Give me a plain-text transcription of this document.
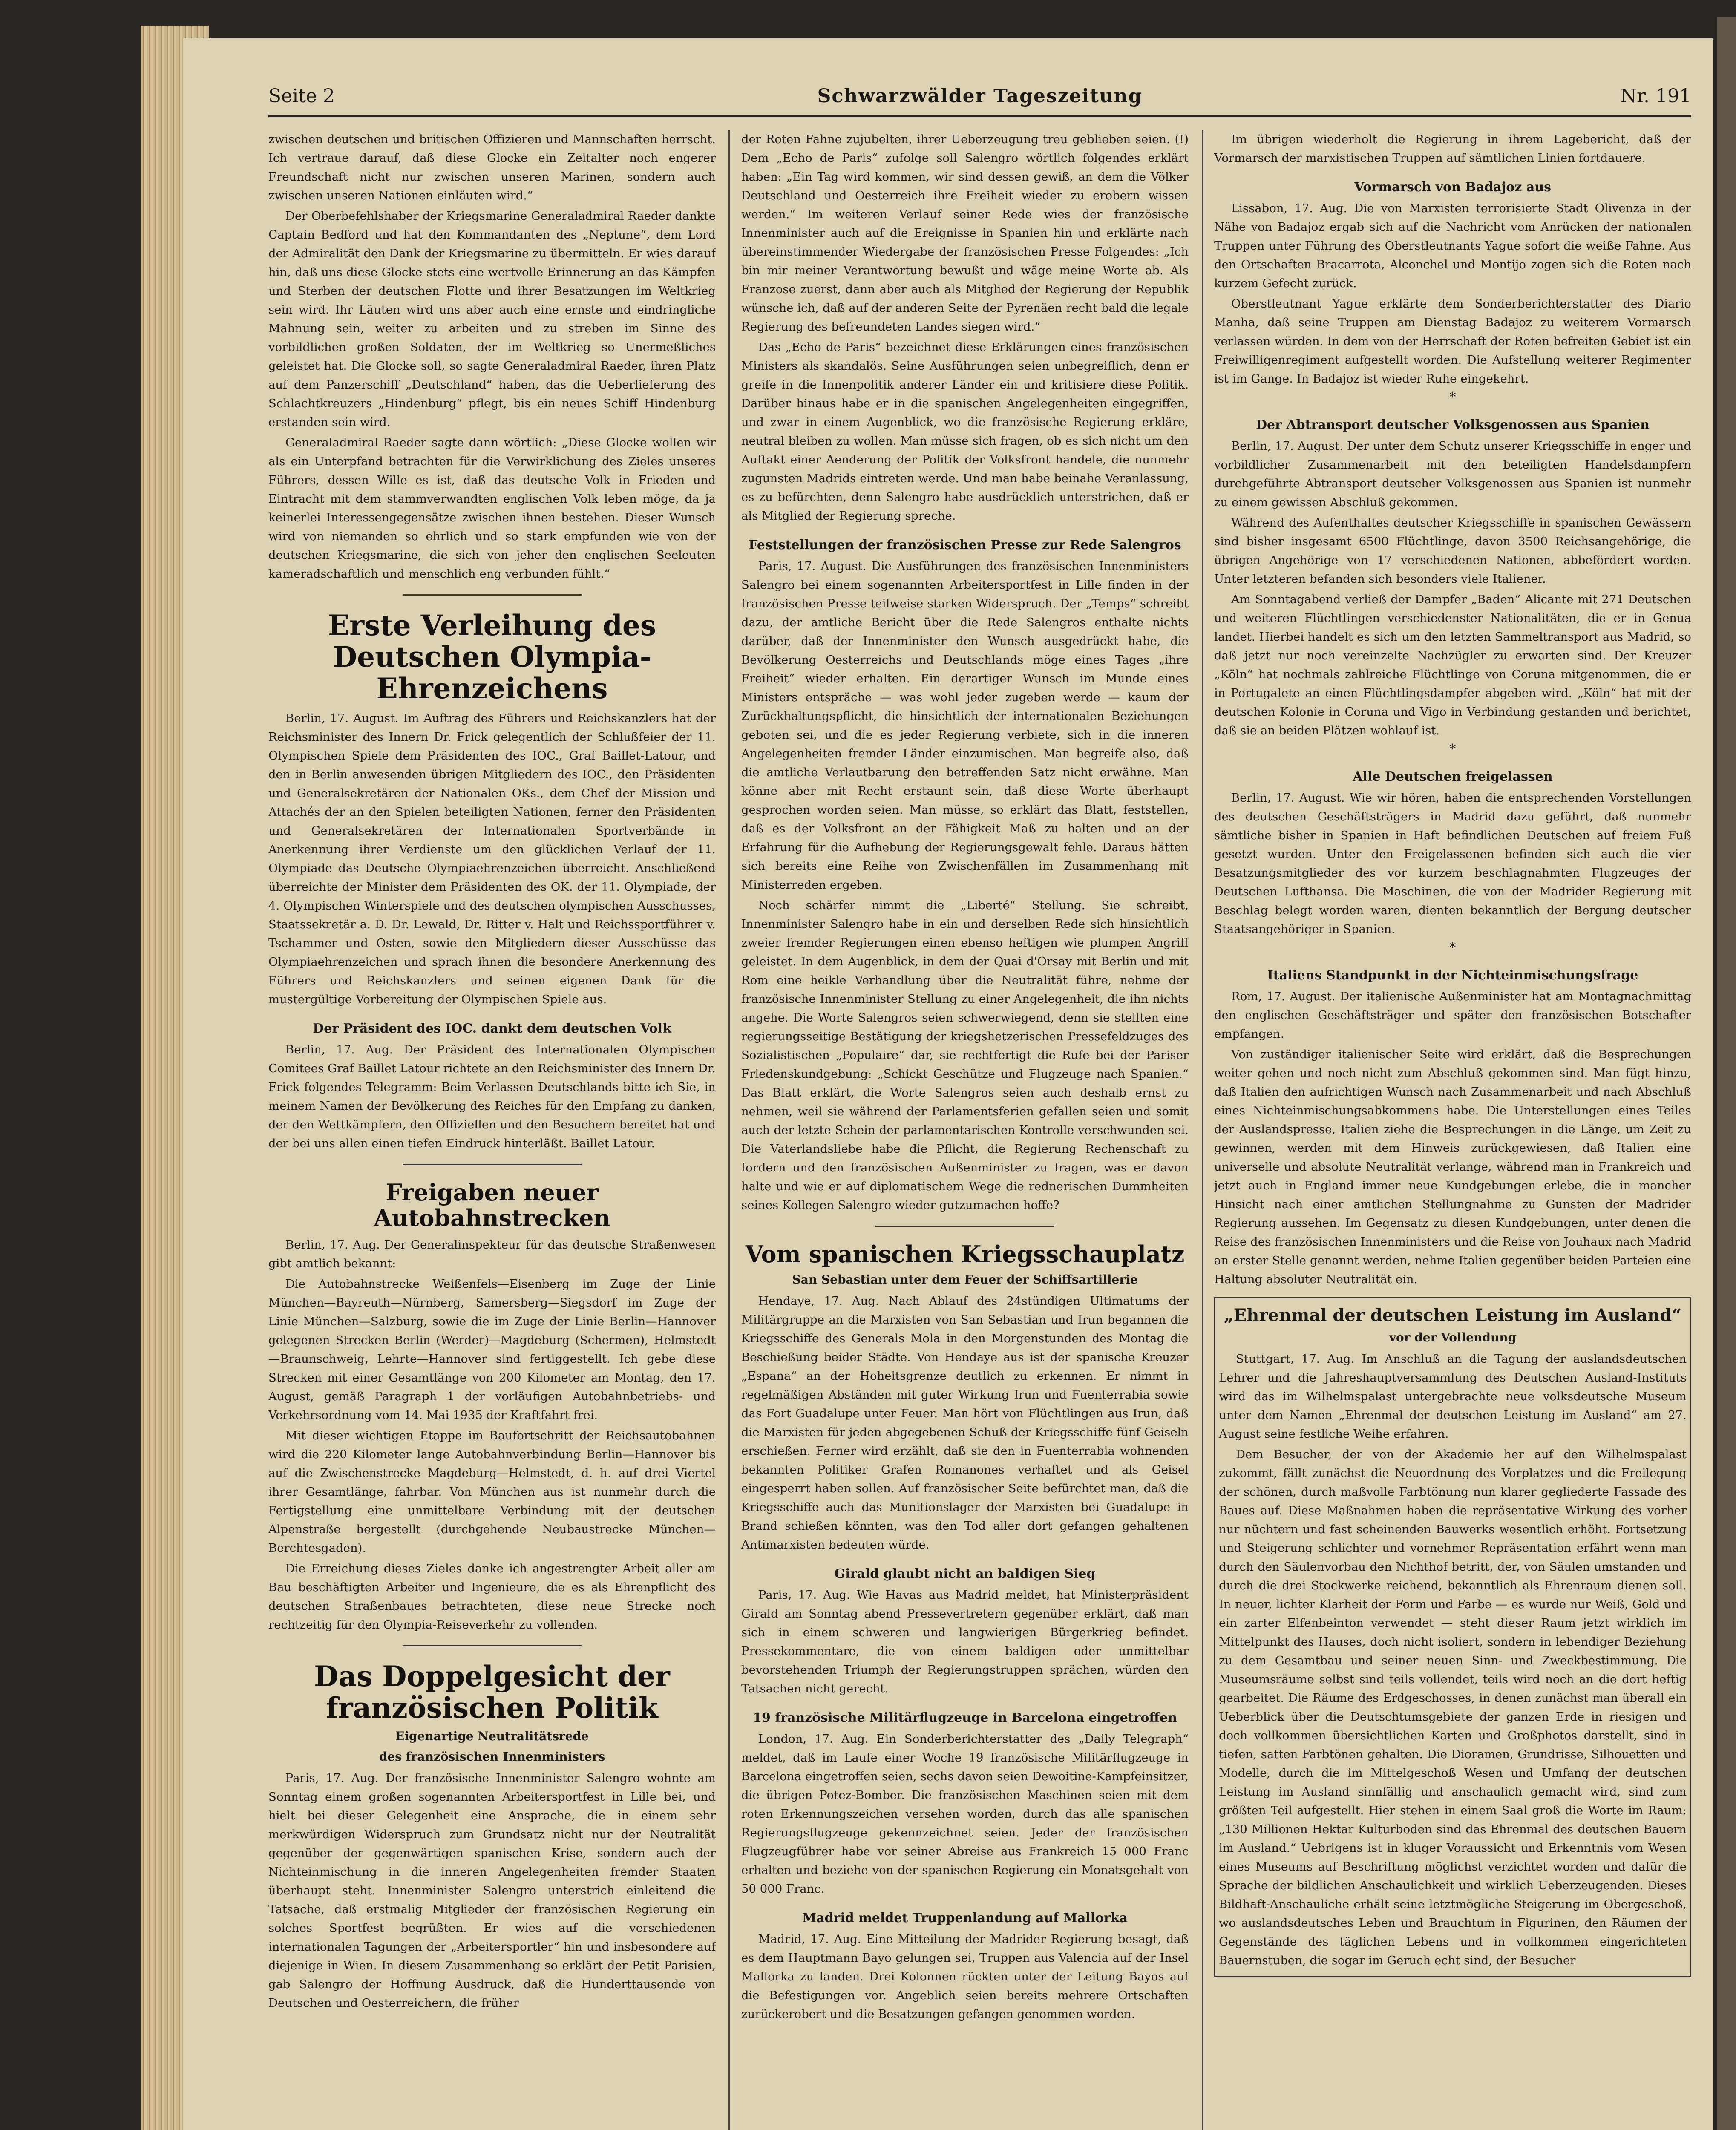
Seite 2	Schwarzwälder Tageszeitung	Nr. 191

zwischen deutschen und britischen Offizieren und Mannschaften herrscht. Ich vertraue darauf, daß diese Glocke ein Zeitalter noch engerer Freundschaft nicht nur zwischen unseren Marinen, sondern auch zwischen unseren Nationen einläuten wird.“

Der Oberbefehlshaber der Kriegsmarine Generaladmiral Raeder dankte Captain Bedford und hat den Kommandanten des „Neptune“, dem Lord der Admiralität den Dank der Kriegsmarine zu übermitteln. Er wies darauf hin, daß uns diese Glocke stets eine wertvolle Erinnerung an das Kämpfen und Sterben der deutschen Flotte und ihrer Besatzungen im Weltkrieg sein wird. Ihr Läuten wird uns aber auch eine ernste und eindringliche Mahnung sein, weiter zu arbeiten und zu streben im Sinne des vorbildlichen großen Soldaten, der im Weltkrieg so Unermeßliches geleistet hat. Die Glocke soll, so sagte Generaladmiral Raeder, ihren Platz auf dem Panzerschiff „Deutschland“ haben, das die Ueberlieferung des Schlachtkreuzers „Hindenburg“ pflegt, bis ein neues Schiff Hindenburg erstanden sein wird.

Generaladmiral Raeder sagte dann wörtlich: „Diese Glocke wollen wir als ein Unterpfand betrachten für die Verwirklichung des Zieles unseres Führers, dessen Wille es ist, daß das deutsche Volk in Frieden und Eintracht mit dem stammverwandten englischen Volk leben möge, da ja keinerlei Interessengegensätze zwischen ihnen bestehen. Dieser Wunsch wird von niemanden so ehrlich und so stark empfunden wie von der deutschen Kriegsmarine, die sich von jeher den englischen Seeleuten kameradschaftlich und menschlich eng verbunden fühlt.“

Erste Verleihung des Deutschen Olympia-Ehrenzeichens

Berlin, 17. August. Im Auftrag des Führers und Reichskanzlers hat der Reichsminister des Innern Dr. Frick gelegentlich der Schlußfeier der 11. Olympischen Spiele dem Präsidenten des IOC., Graf Baillet-Latour, und den in Berlin anwesenden übrigen Mitgliedern des IOC., den Präsidenten und Generalsekretären der Nationalen OKs., dem Chef der Mission und Attachés der an den Spielen beteiligten Nationen, ferner den Präsidenten und Generalsekretären der Internationalen Sportverbände in Anerkennung ihrer Verdienste um den glücklichen Verlauf der 11. Olympiade das Deutsche Olympiaehrenzeichen überreicht. Anschließend überreichte der Minister dem Präsidenten des OK. der 11. Olympiade, der 4. Olympischen Winterspiele und des deutschen olympischen Ausschusses, Staatssekretär a. D. Dr. Lewald, Dr. Ritter v. Halt und Reichssportführer v. Tschammer und Osten, sowie den Mitgliedern dieser Ausschüsse das Olympiaehrenzeichen und sprach ihnen die besondere Anerkennung des Führers und Reichskanzlers und seinen eigenen Dank für die mustergültige Vorbereitung der Olympischen Spiele aus.

Der Präsident des IOC. dankt dem deutschen Volk

Berlin, 17. Aug. Der Präsident des Internationalen Olympischen Comitees Graf Baillet Latour richtete an den Reichsminister des Innern Dr. Frick folgendes Telegramm: Beim Verlassen Deutschlands bitte ich Sie, in meinem Namen der Bevölkerung des Reiches für den Empfang zu danken, der den Wettkämpfern, den Offiziellen und den Besuchern bereitet hat und der bei uns allen einen tiefen Eindruck hinterläßt. Baillet Latour.

Freigaben neuer Autobahnstrecken

Berlin, 17. Aug. Der Generalinspekteur für das deutsche Straßenwesen gibt amtlich bekannt:

Die Autobahnstrecke Weißenfels—Eisenberg im Zuge der Linie München—Bayreuth—Nürnberg, Samersberg—Siegsdorf im Zuge der Linie München—Salzburg, sowie die im Zuge der Linie Berlin—Hannover gelegenen Strecken Berlin (Werder)—Magdeburg (Schermen), Helmstedt—Braunschweig, Lehrte—Hannover sind fertiggestellt. Ich gebe diese Strecken mit einer Gesamtlänge von 200 Kilometer am Montag, den 17. August, gemäß Paragraph 1 der vorläufigen Autobahnbetriebs- und Verkehrsordnung vom 14. Mai 1935 der Kraftfahrt frei.

Mit dieser wichtigen Etappe im Baufortschritt der Reichsautobahnen wird die 220 Kilometer lange Autobahnverbindung Berlin—Hannover bis auf die Zwischenstrecke Magdeburg—Helmstedt, d. h. auf drei Viertel ihrer Gesamtlänge, fahrbar. Von München aus ist nunmehr durch die Fertigstellung eine unmittelbare Verbindung mit der deutschen Alpenstraße hergestellt (durchgehende Neubaustrecke München—Berchtesgaden).

Die Erreichung dieses Zieles danke ich angestrengter Arbeit aller am Bau beschäftigten Arbeiter und Ingenieure, die es als Ehrenpflicht des deutschen Straßenbaues betrachteten, diese neue Strecke noch rechtzeitig für den Olympia-Reiseverkehr zu vollenden.

Das Doppelgesicht der französischen Politik
Eigenartige Neutralitätsrede
des französischen Innenministers

Paris, 17. Aug. Der französische Innenminister Salengro wohnte am Sonntag einem großen sogenannten Arbeitersportfest in Lille bei, und hielt bei dieser Gelegenheit eine Ansprache, die in einem sehr merkwürdigen Widerspruch zum Grundsatz nicht nur der Neutralität gegenüber der gegenwärtigen spanischen Krise, sondern auch der Nichteinmischung in die inneren Angelegenheiten fremder Staaten überhaupt steht. Innenminister Salengro unterstrich einleitend die Tatsache, daß erstmalig Mitglieder der französischen Regierung ein solches Sportfest begrüßten. Er wies auf die verschiedenen internationalen Tagungen der „Arbeitersportler“ hin und insbesondere auf diejenige in Wien. In diesem Zusammenhang so erklärt der Petit Parisien, gab Salengro der Hoffnung Ausdruck, daß die Hunderttausende von Deutschen und Oesterreichern, die früher

der Roten Fahne zujubelten, ihrer Ueberzeugung treu geblieben seien. (!) Dem „Echo de Paris“ zufolge soll Salengro wörtlich folgendes erklärt haben: „Ein Tag wird kommen, wir sind dessen gewiß, an dem die Völker Deutschland und Oesterreich ihre Freiheit wieder zu erobern wissen werden.“ Im weiteren Verlauf seiner Rede wies der französische Innenminister auch auf die Ereignisse in Spanien hin und erklärte nach übereinstimmender Wiedergabe der französischen Presse Folgendes: „Ich bin mir meiner Verantwortung bewußt und wäge meine Worte ab. Als Franzose zuerst, dann aber auch als Mitglied der Regierung der Republik wünsche ich, daß auf der anderen Seite der Pyrenäen recht bald die legale Regierung des befreundeten Landes siegen wird.“

Das „Echo de Paris“ bezeichnet diese Erklärungen eines französischen Ministers als skandalös. Seine Ausführungen seien unbegreiflich, denn er greife in die Innenpolitik anderer Länder ein und kritisiere diese Politik. Darüber hinaus habe er in die spanischen Angelegenheiten eingegriffen, und zwar in einem Augenblick, wo die französische Regierung erkläre, neutral bleiben zu wollen. Man müsse sich fragen, ob es sich nicht um den Auftakt einer Aenderung der Politik der Volksfront handele, die nunmehr zugunsten Madrids eintreten werde. Und man habe beinahe Veranlassung, es zu befürchten, denn Salengro habe ausdrücklich unterstrichen, daß er als Mitglied der Regierung spreche.

Feststellungen der französischen Presse zur Rede Salengros

Paris, 17. August. Die Ausführungen des französischen Innenministers Salengro bei einem sogenannten Arbeitersportfest in Lille finden in der französischen Presse teilweise starken Widerspruch. Der „Temps“ schreibt dazu, der amtliche Bericht über die Rede Salengros enthalte nichts darüber, daß der Innenminister den Wunsch ausgedrückt habe, die Bevölkerung Oesterreichs und Deutschlands möge eines Tages „ihre Freiheit“ wieder erhalten. Ein derartiger Wunsch im Munde eines Ministers entspräche — was wohl jeder zugeben werde — kaum der Zurückhaltungspflicht, die hinsichtlich der internationalen Beziehungen geboten sei, und die es jeder Regierung verbiete, sich in die inneren Angelegenheiten fremder Länder einzumischen. Man begreife also, daß die amtliche Verlautbarung den betreffenden Satz nicht erwähne. Man könne aber mit Recht erstaunt sein, daß diese Worte überhaupt gesprochen worden seien. Man müsse, so erklärt das Blatt, feststellen, daß es der Volksfront an der Fähigkeit Maß zu halten und an der Erfahrung für die Aufhebung der Regierungsgewalt fehle. Daraus hätten sich bereits eine Reihe von Zwischenfällen im Zusammenhang mit Ministerreden ergeben.

Noch schärfer nimmt die „Liberté“ Stellung. Sie schreibt, Innenminister Salengro habe in ein und derselben Rede sich hinsichtlich zweier fremder Regierungen einen ebenso heftigen wie plumpen Angriff geleistet. In dem Augenblick, in dem der Quai d'Orsay mit Berlin und mit Rom eine heikle Verhandlung über die Neutralität führe, nehme der französische Innenminister Stellung zu einer Angelegenheit, die ihn nichts angehe. Die Worte Salengros seien schwerwiegend, denn sie stellten eine regierungsseitige Bestätigung der kriegshetzerischen Pressefeldzuges des Sozialistischen „Populaire“ dar, sie rechtfertigt die Rufe bei der Pariser Friedenskundgebung: „Schickt Geschütze und Flugzeuge nach Spanien.“ Das Blatt erklärt, die Worte Salengros seien auch deshalb ernst zu nehmen, weil sie während der Parlamentsferien gefallen seien und somit auch der letzte Schein der parlamentarischen Kontrolle verschwunden sei. Die Vaterlandsliebe habe die Pflicht, die Regierung Rechenschaft zu fordern und den französischen Außenminister zu fragen, was er davon halte und wie er auf diplomatischem Wege die rednerischen Dummheiten seines Kollegen Salengro wieder gutzumachen hoffe?

Vom spanischen Kriegsschauplatz
San Sebastian unter dem Feuer der Schiffsartillerie

Hendaye, 17. Aug. Nach Ablauf des 24stündigen Ultimatums der Militärgruppe an die Marxisten von San Sebastian und Irun begannen die Kriegsschiffe des Generals Mola in den Morgenstunden des Montag die Beschießung beider Städte. Von Hendaye aus ist der spanische Kreuzer „Espana“ an der Hoheitsgrenze deutlich zu erkennen. Er nimmt in regelmäßigen Abständen mit guter Wirkung Irun und Fuenterrabia sowie das Fort Guadalupe unter Feuer. Man hört von Flüchtlingen aus Irun, daß die Marxisten für jeden abgegebenen Schuß der Kriegsschiffe fünf Geiseln erschießen. Ferner wird erzählt, daß sie den in Fuenterrabia wohnenden bekannten Politiker Grafen Romanones verhaftet und als Geisel eingesperrt haben sollen. Auf französischer Seite befürchtet man, daß die Kriegsschiffe auch das Munitionslager der Marxisten bei Guadalupe in Brand schießen könnten, was den Tod aller dort gefangen gehaltenen Antimarxisten bedeuten würde.

Girald glaubt nicht an baldigen Sieg

Paris, 17. Aug. Wie Havas aus Madrid meldet, hat Ministerpräsident Girald am Sonntag abend Pressevertretern gegenüber erklärt, daß man sich in einem schweren und langwierigen Bürgerkrieg befindet. Pressekommentare, die von einem baldigen oder unmittelbar bevorstehenden Triumph der Regierungstruppen sprächen, würden den Tatsachen nicht gerecht.

19 französische Militärflugzeuge in Barcelona eingetroffen

London, 17. Aug. Ein Sonderberichterstatter des „Daily Telegraph“ meldet, daß im Laufe einer Woche 19 französische Militärflugzeuge in Barcelona eingetroffen seien, sechs davon seien Dewoitine-Kampfeinsitzer, die übrigen Potez-Bomber. Die französischen Maschinen seien mit dem roten Erkennungszeichen versehen worden, durch das alle spanischen Regierungsflugzeuge gekennzeichnet seien. Jeder der französischen Flugzeugführer habe vor seiner Abreise aus Frankreich 15 000 Franc erhalten und beziehe von der spanischen Regierung ein Monatsgehalt von 50 000 Franc.

Madrid meldet Truppenlandung auf Mallorka

Madrid, 17. Aug. Eine Mitteilung der Madrider Regierung besagt, daß es dem Hauptmann Bayo gelungen sei, Truppen aus Valencia auf der Insel Mallorka zu landen. Drei Kolonnen rückten unter der Leitung Bayos auf die Befestigungen vor. Angeblich seien bereits mehrere Ortschaften zurückerobert und die Besatzungen gefangen genommen worden.

Im übrigen wiederholt die Regierung in ihrem Lagebericht, daß der Vormarsch der marxistischen Truppen auf sämtlichen Linien fortdauere.

Vormarsch von Badajoz aus

Lissabon, 17. Aug. Die von Marxisten terrorisierte Stadt Olivenza in der Nähe von Badajoz ergab sich auf die Nachricht vom Anrücken der nationalen Truppen unter Führung des Oberstleutnants Yague sofort die weiße Fahne. Aus den Ortschaften Bracarrota, Alconchel und Montijo zogen sich die Roten nach kurzem Gefecht zurück.

Oberstleutnant Yague erklärte dem Sonderberichterstatter des Diario Manha, daß seine Truppen am Dienstag Badajoz zu weiterem Vormarsch verlassen würden. In dem von der Herrschaft der Roten befreiten Gebiet ist ein Freiwilligenregiment aufgestellt worden. Die Aufstellung weiterer Regimenter ist im Gange. In Badajoz ist wieder Ruhe eingekehrt.

*
Der Abtransport deutscher Volksgenossen aus Spanien

Berlin, 17. August. Der unter dem Schutz unserer Kriegsschiffe in enger und vorbildlicher Zusammenarbeit mit den beteiligten Handelsdampfern durchgeführte Abtransport deutscher Volksgenossen aus Spanien ist nunmehr zu einem gewissen Abschluß gekommen.

Während des Aufenthaltes deutscher Kriegsschiffe in spanischen Gewässern sind bisher insgesamt 6500 Flüchtlinge, davon 3500 Reichsangehörige, die übrigen Angehörige von 17 verschiedenen Nationen, abbefördert worden. Unter letzteren befanden sich besonders viele Italiener.

Am Sonntagabend verließ der Dampfer „Baden“ Alicante mit 271 Deutschen und weiteren Flüchtlingen verschiedenster Nationalitäten, die er in Genua landet. Hierbei handelt es sich um den letzten Sammeltransport aus Madrid, so daß jetzt nur noch vereinzelte Nachzügler zu erwarten sind. Der Kreuzer „Köln“ hat nochmals zahlreiche Flüchtlinge von Coruna mitgenommen, die er in Portugalete an einen Flüchtlingsdampfer abgeben wird. „Köln“ hat mit der deutschen Kolonie in Coruna und Vigo in Verbindung gestanden und berichtet, daß sie an beiden Plätzen wohlauf ist.

*
Alle Deutschen freigelassen

Berlin, 17. August. Wie wir hören, haben die entsprechenden Vorstellungen des deutschen Geschäftsträgers in Madrid dazu geführt, daß nunmehr sämtliche bisher in Spanien in Haft befindlichen Deutschen auf freiem Fuß gesetzt wurden. Unter den Freigelassenen befinden sich auch die vier Besatzungsmitglieder des vor kurzem beschlagnahmten Flugzeuges der Deutschen Lufthansa. Die Maschinen, die von der Madrider Regierung mit Beschlag belegt worden waren, dienten bekanntlich der Bergung deutscher Staatsangehöriger in Spanien.

*
Italiens Standpunkt in der Nichteinmischungsfrage

Rom, 17. August. Der italienische Außenminister hat am Montagnachmittag den englischen Geschäftsträger und später den französischen Botschafter empfangen.

Von zuständiger italienischer Seite wird erklärt, daß die Besprechungen weiter gehen und noch nicht zum Abschluß gekommen sind. Man fügt hinzu, daß Italien den aufrichtigen Wunsch nach Zusammenarbeit und nach Abschluß eines Nichteinmischungsabkommens habe. Die Unterstellungen eines Teiles der Auslandspresse, Italien ziehe die Besprechungen in die Länge, um Zeit zu gewinnen, werden mit dem Hinweis zurückgewiesen, daß Italien eine universelle und absolute Neutralität verlange, während man in Frankreich und jetzt auch in England immer neue Kundgebungen erlebe, die in mancher Hinsicht nach einer amtlichen Stellungnahme zu Gunsten der Madrider Regierung aussehen. Im Gegensatz zu diesen Kundgebungen, unter denen die Reise des französischen Innenministers und die Reise von Jouhaux nach Madrid an erster Stelle genannt werden, nehme Italien gegenüber beiden Parteien eine Haltung absoluter Neutralität ein.

„Ehrenmal der deutschen Leistung im Ausland“
vor der Vollendung

Stuttgart, 17. Aug. Im Anschluß an die Tagung der auslandsdeutschen Lehrer und die Jahreshauptversammlung des Deutschen Ausland-Instituts wird das im Wilhelmspalast untergebrachte neue volksdeutsche Museum unter dem Namen „Ehrenmal der deutschen Leistung im Ausland“ am 27. August seine festliche Weihe erfahren.

Dem Besucher, der von der Akademie her auf den Wilhelmspalast zukommt, fällt zunächst die Neuordnung des Vorplatzes und die Freilegung der schönen, durch maßvolle Farbtönung nun klarer gegliederte Fassade des Baues auf. Diese Maßnahmen haben die repräsentative Wirkung des vorher nur nüchtern und fast scheinenden Bauwerks wesentlich erhöht. Fortsetzung und Steigerung schlichter und vornehmer Repräsentation erfährt wenn man durch den Säulenvorbau den Nichthof betritt, der, von Säulen umstanden und durch die drei Stockwerke reichend, bekanntlich als Ehrenraum dienen soll. In neuer, lichter Klarheit der Form und Farbe — es wurde nur Weiß, Gold und ein zarter Elfenbeinton verwendet — steht dieser Raum jetzt wirklich im Mittelpunkt des Hauses, doch nicht isoliert, sondern in lebendiger Beziehung zu dem Gesamtbau und seiner neuen Sinn- und Zweckbestimmung. Die Museumsräume selbst sind teils vollendet, teils wird noch an die dort heftig gearbeitet. Die Räume des Erdgeschosses, in denen zunächst man überall ein Ueberblick über die Deutschtumsgebiete der ganzen Erde in riesigen und doch vollkommen übersichtlichen Karten und Großphotos darstellt, sind in tiefen, satten Farbtönen gehalten. Die Dioramen, Grundrisse, Silhouetten und Modelle, durch die im Mittelgeschoß Wesen und Umfang der deutschen Leistung im Ausland sinnfällig und anschaulich gemacht wird, sind zum größten Teil aufgestellt. Hier stehen in einem Saal groß die Worte im Raum: „130 Millionen Hektar Kulturboden sind das Ehrenmal des deutschen Bauern im Ausland.“ Uebrigens ist in kluger Voraussicht und Erkenntnis vom Wesen eines Museums auf Beschriftung möglichst verzichtet worden und dafür die Sprache der bildlichen Anschaulichkeit und wirklich Ueberzeugenden. Dieses Bildhaft-Anschauliche erhält seine letztmögliche Steigerung im Obergeschoß, wo auslandsdeutsches Leben und Brauchtum in Figurinen, den Räumen der Gegenstände des täglichen Lebens und in vollkommen eingerichteten Bauernstuben, die sogar im Geruch echt sind, der Besucher
